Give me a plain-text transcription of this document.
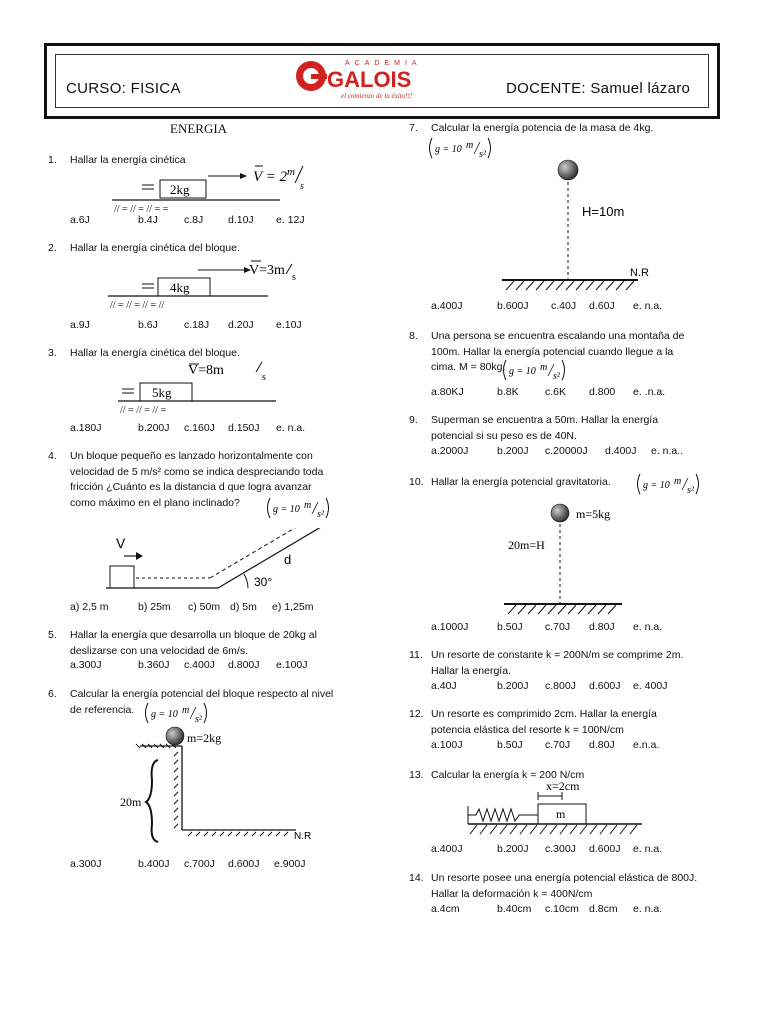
CURSO: FISICA	DOCENTE: Samuel lázaro
ACADEMIA
GALOIS
el comienzo de tu éxito!!!
ENERGIA
1. Hallar la energía cinética
V = 2 m
s
2kg
// = // = // = =
a.6J	b.4J c.8J d.10J e. 12J
2. Hallar la energía cinética del bloque.
V=3m s
4kg
// = // = // = //
a.9J	b.6J c.18J d.20J e.10J
3. Hallar la energía cinética del bloque.
V=8m	s
5kg
// = // = // =
a.180J	b.200J c.160J d.150J e. n.a.
4. Un bloque pequeño es lanzado horizontalmente con
velocidad de 5 m/s² como se indica despreciando toda
fricción ¿Cuánto es la distancia d que logra avanzar
como máximo en el plano inclinado?
g = 10 m
s²
V
30°
d
a) 2,5 m	b) 25m c) 50m d) 5m e) 1,25m
5. Hallar la energía que desarrolla un bloque de 20kg al
deslizarse con una velocidad de 6m/s.
a.300J	b.360J c.400J d.800J e.100J
6. Calcular la energía potencial del bloque respecto al nivel
de referencia.	g = 10 m
s²
m=2kg
20m
N.R
a.300J	b.400J c.700J d.600J e.900J
7. Calcular la energía potencia de la masa de 4kg.
g = 10 m
s²
H=10m
N.R
a.400J	b.600J c.40J d.60J e. n.a.
8. Una persona se encuentra escalando una montaña de
100m. Hallar la energía potencial cuando llegue a la
cima. M = 80kg. g = 10 m
s²
a.80KJ	b.8K	c.6K d.800 e. .n.a.
9. Superman se encuentra a 50m. Hallar la energía
potencial si su peso es de 40N.
a.2000J	b.200J c.20000J d.400J e. n.a..
10. Hallar la energía potencial gravitatoria.	g = 10 m
s²
m=5kg
20m=H
a.1000J	b.50J c.70J d.80J e. n.a.
11. Un resorte de constante k = 200N/m se comprime 2m.
Hallar la energía.
a.40J	b.200J c.800J d.600J e. 400J
12. Un resorte es comprimido 2cm. Hallar la energía
potencia elástica del resorte k = 100N/cm
a.100J	b.50J c.70J d.80J e.n.a.
13. Calcular la energía k = 200 N/cm
x=2cm
m
a.400J	b.200J c.300J d.600J e. n.a.
14. Un resorte posee una energía potencial elástica de 800J.
Hallar la deformación k = 400N/cm
a.4cm	b.40cm c.10cm d.8cm e. n.a.
